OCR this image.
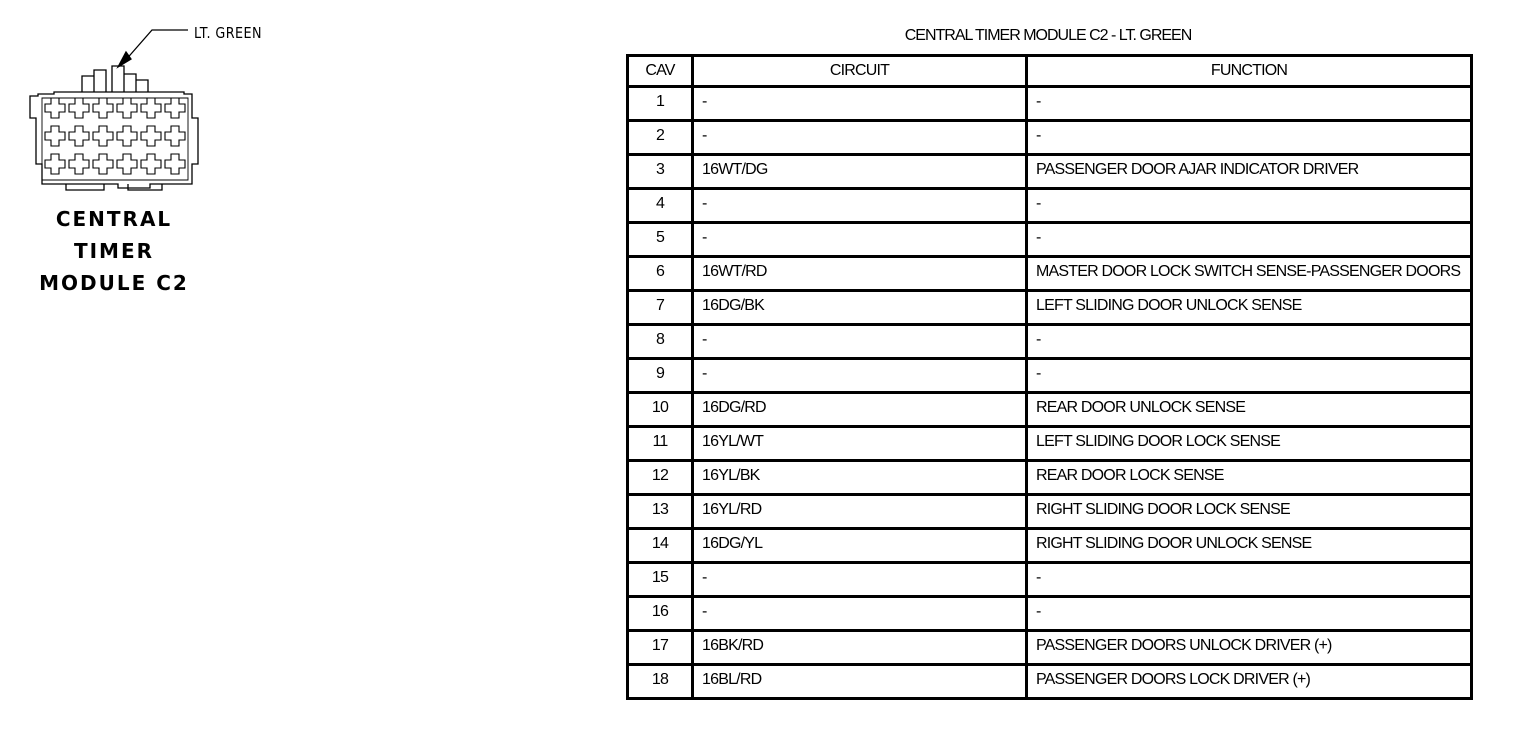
LT. GREEN
CENTRAL
TIMER
MODULE C2
CENTRAL TIMER MODULE C2 - LT. GREEN
CAV	CIRCUIT	FUNCTION
1	-	-
2	-	-
3	16WT/DG	PASSENGER DOOR AJAR INDICATOR DRIVER
4	-	-
5	-	-
6	16WT/RD	MASTER DOOR LOCK SWITCH SENSE-PASSENGER DOORS
7	16DG/BK	LEFT SLIDING DOOR UNLOCK SENSE
8	-	-
9	-	-
10	16DG/RD	REAR DOOR UNLOCK SENSE
11	16YL/WT	LEFT SLIDING DOOR LOCK SENSE
12	16YL/BK	REAR DOOR LOCK SENSE
13	16YL/RD	RIGHT SLIDING DOOR LOCK SENSE
14	16DG/YL	RIGHT SLIDING DOOR UNLOCK SENSE
15	-	-
16	-	-
17	16BK/RD	PASSENGER DOORS UNLOCK DRIVER (+)
18	16BL/RD	PASSENGER DOORS LOCK DRIVER (+)
